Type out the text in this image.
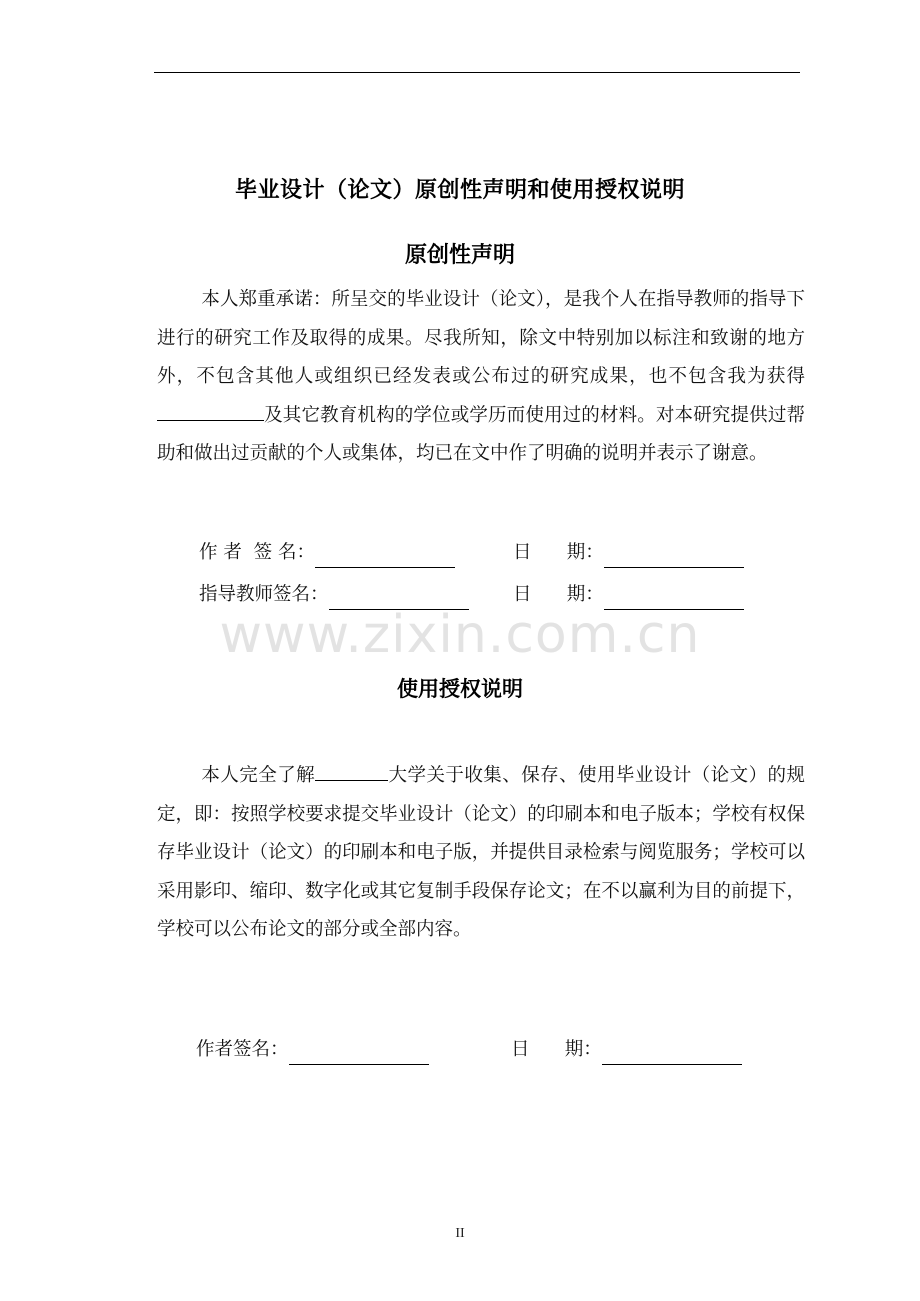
毕业设计（论文）原创性声明和使用授权说明
原创性声明
本人郑重承诺：所呈交的毕业设计（论文），是我个人在指导教师的指导下进行的研究工作及取得的成果。尽我所知，除文中特别加以标注和致谢的地方外，不包含其他人或组织已经发表或公布过的研究成果，也不包含我为获得及其它教育机构的学位或学历而使用过的材料。对本研究提供过帮助和做出过贡献的个人或集体，均已在文中作了明确的说明并表示了谢意。
作 者  签 名：	日      期：
指导教师签名：	日      期：
www.zixin.com.cn
使用授权说明
本人完全了解	大学关于收集、保存、使用毕业设计（论文）的规定，即：按照学校要求提交毕业设计（论文）的印刷本和电子版本；学校有权保存毕业设计（论文）的印刷本和电子版，并提供目录检索与阅览服务；学校可以采用影印、缩印、数字化或其它复制手段保存论文；在不以赢利为目的前提下，学校可以公布论文的部分或全部内容。
作者签名：	日      期：
II
